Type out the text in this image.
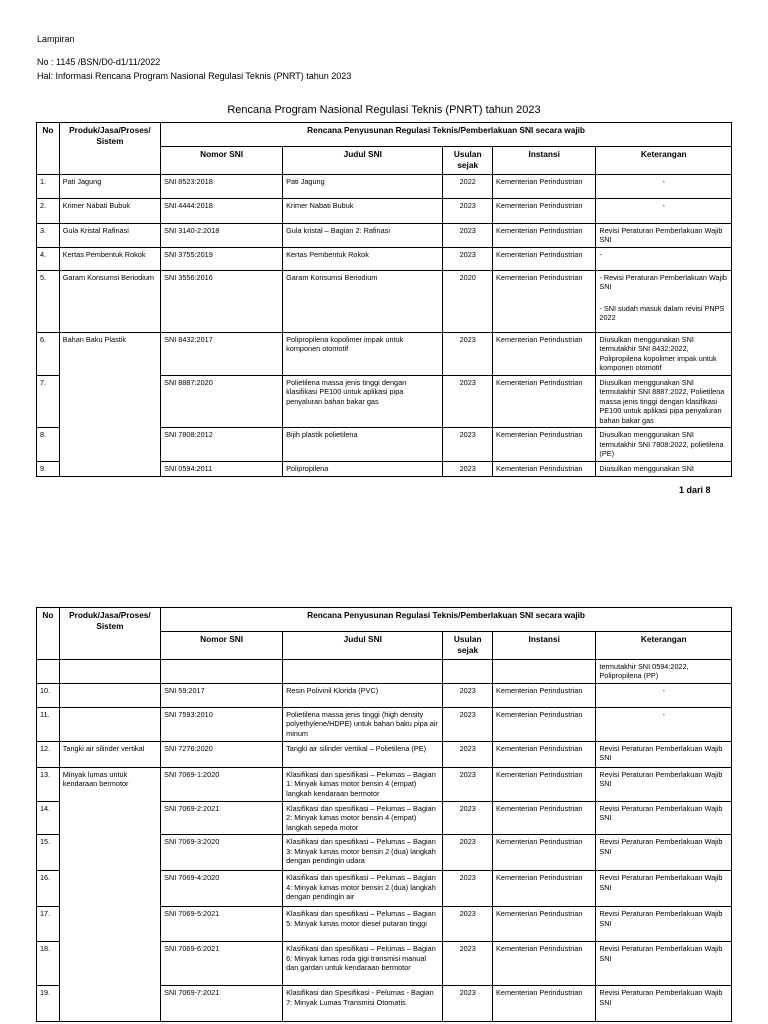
Lampiran
No : 1145 /BSN/D0-d1/11/2022
Hal: Informasi Rencana Program Nasional Regulasi Teknis (PNRT) tahun 2023
Rencana Program Nasional Regulasi Teknis (PNRT) tahun 2023
No	Produk/Jasa/Proses/ Sistem	Rencana Penyusunan Regulasi Teknis/Pemberlakuan SNI secara wajib				
		Nomor SNI	Judul SNI	Usulan sejak	Instansi	Keterangan
1.	Pati Jagung	SNI 8523:2018	Pati Jagung	2022	Kementerian Perindustrian	-
2.	Krimer Nabati Bubuk	SNI 4444:2018	Krimer Nabati Bubuk	2023	Kementerian Perindustrian	-
3.	Gula Kristal Rafinasi	SNI 3140-2:2018	Gula kristal – Bagian 2: Rafinasi	2023	Kementerian Perindustrian	Revisi Peraturan Pemberlakuan Wajib SNI
4.	Kertas Pembentuk Rokok	SNI 3755:2019	Kertas Pembentuk Rokok	2023	Kementerian Perindustrian	-
5.	Garam Konsumsi Beriodium	SNI 3556:2016	Garam Konsumsi Beriodium	2020	Kementerian Perindustrian	- Revisi Peraturan Pemberlakuan Wajib SNI
- SNI sudah masuk dalam revisi PNPS 2022

6.	Bahan Baku Plastik	SNI 8432:2017	Polipropilena kopolimer impak untuk komponen otomotif	2023	Kementerian Perindustrian	Diusulkan menggunakan SNI termutakhir SNI 8432:2022, Polipropilena kopolimer impak untuk komponen otomotif
7.		SNI 8887:2020	Polietilena massa jenis tinggi dengan klasifikasi PE100 untuk aplikasi pipa penyaluran bahan bakar gas	2023	Kementerian Perindustrian	Diusulkan menggunakan SNI termutakhir SNI 8887:2022, Polietilena massa jenis tinggi dengan klasifikasi PE100 untuk aplikasi pipa penyaluran bahan bakar gas
8.		SNI 7808:2012	Bijih plastik polietilena	2023	Kementerian Perindustrian	Diusulkan menggunakan SNI termutakhir SNI 7808:2022, polietilena (PE)
9.		SNI 0594:2011	Polipropilena	2023	Kementerian Perindustrian	Diusulkan menggunakan SNI
1 dari 8
No	Produk/Jasa/Proses/ Sistem	Rencana Penyusunan Regulasi Teknis/Pemberlakuan SNI secara wajib				
		Nomor SNI	Judul SNI	Usulan sejak	Instansi	Keterangan
						termutakhir SNI 0594:2022, Polipropilena (PP)
10.		SNI 59:2017	Resin Polivinil Klorida (PVC)	2023	Kementerian Perindustrian	-
11.		SNI 7593:2010	Polietilena massa jenis tinggi (high density polyethylene/HDPE) untuk bahan baku pipa air minum	2023	Kementerian Perindustrian	-
12.	Tangki air silinder vertikal	SNI 7276:2020	Tangki air silinder vertikal – Polietilena (PE)	2023	Kementerian Perindustrian	Revisi Peraturan Pemberlakuan Wajib SNI
13.	Minyak lumas untuk kendaraan bermotor	SNI 7069-1:2020	Klasifikasi dan spesifikasi – Pelumas – Bagian 1: Minyak lumas motor bensin 4 (empat) langkah kendaraan bermotor	2023	Kementerian Perindustrian	Revisi Peraturan Pemberlakuan Wajib SNI
14.		SNI 7069-2:2021	Klasifikasi dan spesifikasi – Pelumas – Bagian 2: Minyak lumas motor bensin 4 (empat) langkah sepeda motor	2023	Kementerian Perindustrian	Revisi Peraturan Pemberlakuan Wajib SNI
15.		SNI 7069-3:2020	Klasifikasi dan spesifikasi – Pelumas – Bagian 3: Minyak lumas motor bensin 2 (dua) langkah dengan pendingin udara	2023	Kementerian Perindustrian	Revisi Peraturan Pemberlakuan Wajib SNI
16.		SNI 7069-4:2020	Klasifikasi dan spesifikasi – Pelumas – Bagian 4: Minyak lumas motor bensin 2 (dua) langkah dengan pendingin air	2023	Kementerian Perindustrian	Revisi Peraturan Pemberlakuan Wajib SNI
17.		SNI 7069-5:2021	Klasifikasi dan spesifikasi – Pelumas – Bagian 5: Minyak lumas motor diesel putaran tinggi	2023	Kementerian Perindustrian	Revisi Peraturan Pemberlakuan Wajib SNI
18.		SNI 7069-6:2021	Klasifikasi dan spesifikasi – Pelumas – Bagian 6: Minyak lumas roda gigi transmisi manual dan gardan untuk kendaraan bermotor	2023	Kementerian Perindustrian	Revisi Peraturan Pemberlakuan Wajib SNI
19.		SNI 7069-7:2021	Klasifikasi dan Spesifikasi - Pelumas - Bagian 7: Minyak Lumas Transmisi Otomatis	2023	Kementerian Perindustrian	Revisi Peraturan Pemberlakuan Wajib SNI
